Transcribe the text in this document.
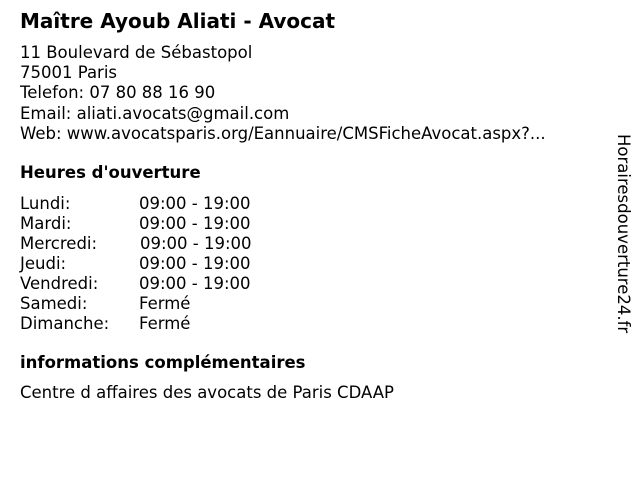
Maître Ayoub Aliati - Avocat
11 Boulevard de Sébastopol
75001 Paris
Telefon: 07 80 88 16 90
Email: aliati.avocats@gmail.com
Web: www.avocatsparis.org/Eannuaire/CMSFicheAvocat.aspx?...
Heures d'ouverture
Lundi:	09:00 - 19:00
Mardi:	09:00 - 19:00
Mercredi:	09:00 - 19:00
Jeudi:	09:00 - 19:00
Vendredi: 09:00 - 19:00
Samedi:	Fermé
Dimanche: Fermé
informations complémentaires
Centre d affaires des avocats de Paris CDAAP
Horairesdouverture24.fr
